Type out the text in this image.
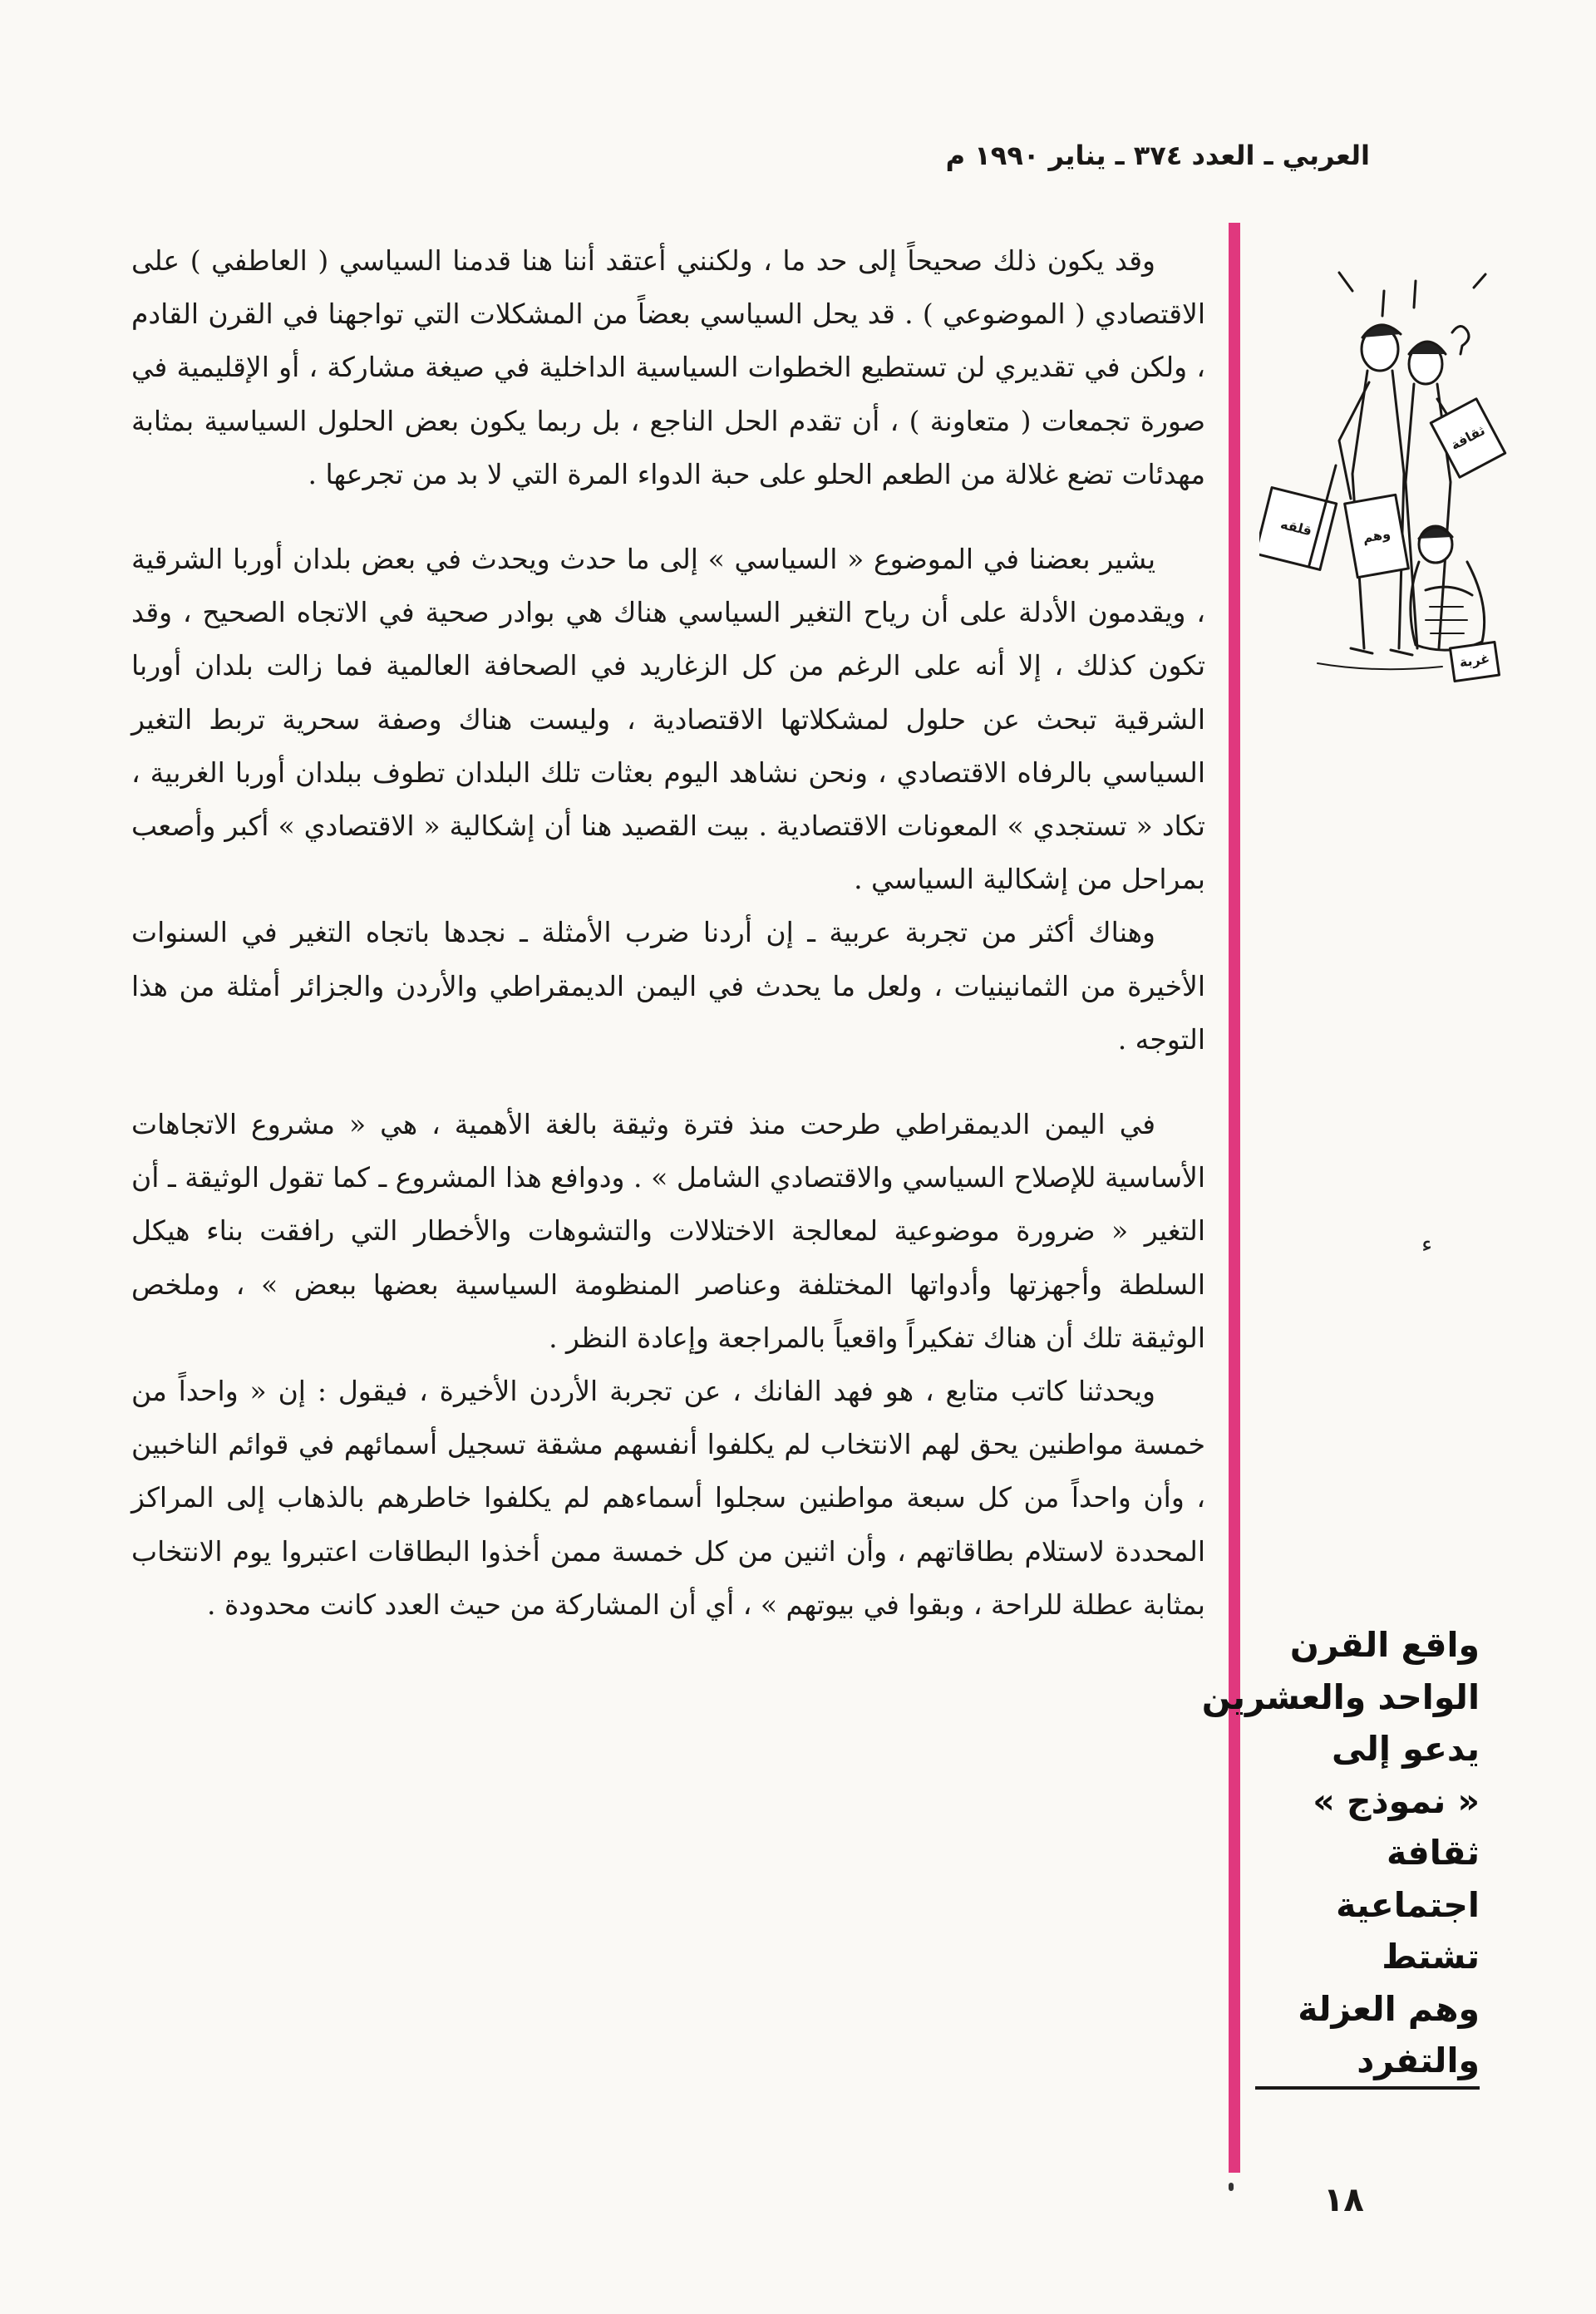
العربي ـ العدد ٣٧٤ ـ يناير ١٩٩٠ م
ثقافة
قلقه	وهم
غربة
ء

وقد يكون ذلك صحيحاً إلى حد ما ، ولكنني أعتقد أننا هنا قدمنا السياسي ( العاطفي ) على الاقتصادي ( الموضوعي ) . قد يحل السياسي بعضاً من المشكلات التي تواجهنا في القرن القادم ، ولكن في تقديري لن تستطيع الخطوات السياسية الداخلية في صيغة مشاركة ، أو الإقليمية في صورة تجمعات ( متعاونة ) ، أن تقدم الحل الناجع ، بل ربما يكون بعض الحلول السياسية بمثابة مهدئات تضع غلالة من الطعم الحلو على حبة الدواء المرة التي لا بد من تجرعها .

يشير بعضنا في الموضوع « السياسي » إلى ما حدث ويحدث في بعض بلدان أوربا الشرقية ، ويقدمون الأدلة على أن رياح التغير السياسي هناك هي بوادر صحية في الاتجاه الصحيح ، وقد تكون كذلك ، إلا أنه على الرغم من كل الزغاريد في الصحافة العالمية فما زالت بلدان أوربا الشرقية تبحث عن حلول لمشكلاتها الاقتصادية ، وليست هناك وصفة سحرية تربط التغير السياسي بالرفاه الاقتصادي ، ونحن نشاهد اليوم بعثات تلك البلدان تطوف ببلدان أوربا الغربية ، تكاد « تستجدي » المعونات الاقتصادية . بيت القصيد هنا أن إشكالية « الاقتصادي » أكبر وأصعب بمراحل من إشكالية السياسي .

وهناك أكثر من تجربة عربية ـ إن أردنا ضرب الأمثلة ـ نجدها باتجاه التغير في السنوات الأخيرة من الثمانينيات ، ولعل ما يحدث في اليمن الديمقراطي والأردن والجزائر أمثلة من هذا التوجه .

في اليمن الديمقراطي طرحت منذ فترة وثيقة بالغة الأهمية ، هي « مشروع الاتجاهات الأساسية للإصلاح السياسي والاقتصادي الشامل » . ودوافع هذا المشروع ـ كما تقول الوثيقة ـ أن التغير « ضرورة موضوعية لمعالجة الاختلالات والتشوهات والأخطار التي رافقت بناء هيكل السلطة وأجهزتها وأدواتها المختلفة وعناصر المنظومة السياسية بعضها ببعض » ، وملخص الوثيقة تلك أن هناك تفكيراً واقعياً بالمراجعة وإعادة النظر .

ويحدثنا كاتب متابع ، هو فهد الفانك ، عن تجربة الأردن الأخيرة ، فيقول : إن « واحداً من خمسة مواطنين يحق لهم الانتخاب لم يكلفوا أنفسهم مشقة تسجيل أسمائهم في قوائم الناخبين ، وأن واحداً من كل سبعة مواطنين سجلوا أسماءهم لم يكلفوا خاطرهم بالذهاب إلى المراكز المحددة لاستلام بطاقاتهم ، وأن اثنين من كل خمسة ممن أخذوا البطاقات اعتبروا يوم الانتخاب بمثابة عطلة للراحة ، وبقوا في بيوتهم » ، أي أن المشاركة من حيث العدد كانت محدودة .

واقع القرن
الواحد والعشرين
يدعو إلى
« نموذج »
ثقافة
اجتماعية
تشتط
وهم العزلة
والتفرد
١٨
